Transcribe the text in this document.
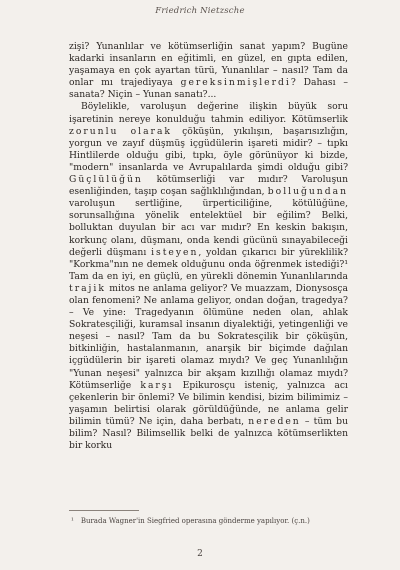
Friedrich Nietzsche

zişi? Yunanlılar ve kötümserliğin sanat yapım? Bugüne kadarki insanların en eğitimli, en güzel, en gıpta edilen, yaşamaya en çok ayartan türü, Yunanlılar – nasıl? Tam da onlar mı trajediyaya gereksinmişlerdi? Dahası – sanata? Niçin – Yunan sanatı?...

Böylelikle, varoluşun değerine ilişkin büyük soru işaretinin nereye konulduğu tahmin ediliyor. Kötümserlik zorunlu olarak çöküşün, yıkılışın, başarısızlığın, yorgun ve zayıf düşmüş içgüdülerin işareti midir? – tıpkı Hintlilerde olduğu gibi, tıpkı, öyle görünüyor ki bizde, "modern" insanlarda ve Avrupalılarda şimdi olduğu gibi? Güçlülüğün kötümserliği var mıdır? Varoluşun esenliğinden, taşıp coşan sağlıklılığından, bolluğundan varoluşun sertliğine, ürperticiliğine, kötülüğüne, sorunsallığına yönelik entelektüel bir eğilim? Belki, bolluktan duyulan bir acı var mıdır? En keskin bakışın, korkunç olanı, düşmanı, onda kendi gücünü sınayabileceği değerli düşmanı isteyen, yoldan çıkarıcı bir yüreklilik? "Korkma"nın ne demek olduğunu onda öğrenmek istediği?¹ Tam da en iyi, en güçlü, en yürekli dönemin Yunanlılarında trajik mitos ne anlama geliyor? Ve muazzam, Dionysosça olan fenomeni? Ne anlama geliyor, ondan doğan, tragedya? – Ve yine: Tragedyanın ölümüne neden olan, ahlak Sokratesçiliği, kuramsal insanın diyalektiği, yetingenliği ve neşesi – nasıl? Tam da bu Sokratesçilik bir çöküşün, bitkinliğin, hastalanmanın, anarşik bir biçimde dağılan içgüdülerin bir işareti olamaz mıydı? Ve geç Yunanlılığın "Yunan neşesi" yalnızca bir akşam kızıllığı olamaz mıydı? Kötümserliğe karşı Epikurosçu isteniç, yalnızca acı çekenlerin bir önlemi? Ve bilimin kendisi, bizim bilimimiz – yaşamın belirtisi olarak görüldüğünde, ne anlama gelir bilimin tümü? Ne için, daha berbatı, nereden – tüm bu bilim? Nasıl? Bilimsellik belki de yalnızca kötümserlikten bir korku

¹ Burada Wagner'in Siegfried operasına gönderme yapılıyor. (ç.n.)
2
